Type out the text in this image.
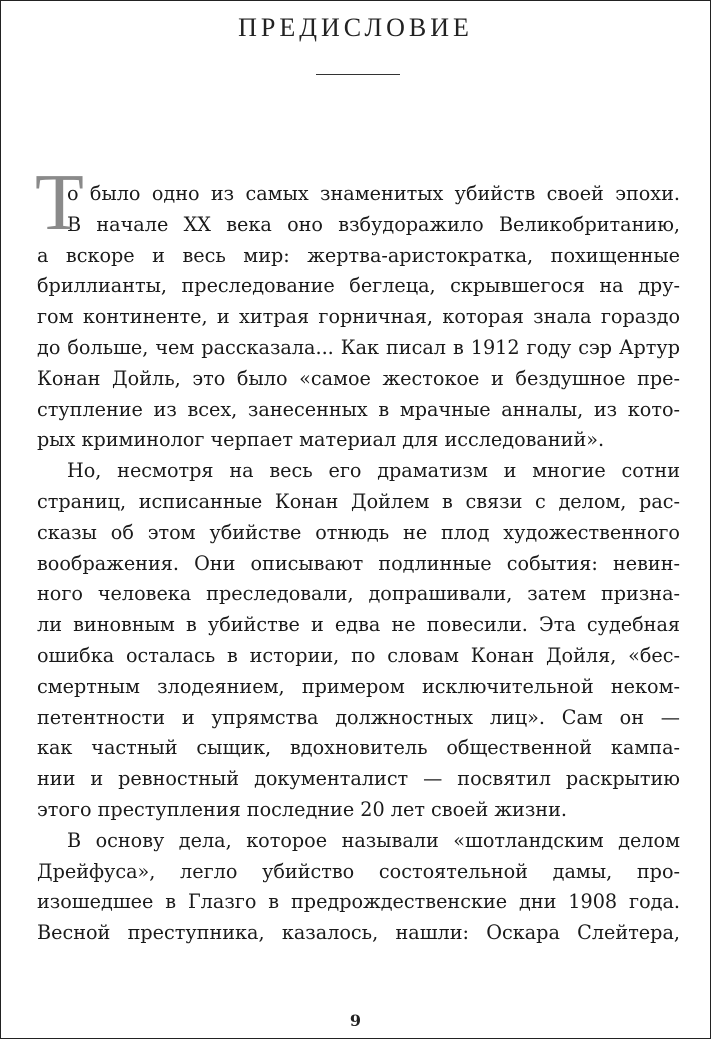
ПРЕДИСЛОВИЕ
Т
о было одно из самых знаменитых убийств своей эпохи.
В начале XX века оно взбудоражило Великобританию,
а вскоре и весь мир: жертва-аристократка, похищенные
бриллианты, преследование беглеца, скрывшегося на дру-
гом континенте, и хитрая горничная, которая знала гораздо
до больше, чем рассказала... Как писал в 1912 году сэр Артур
Конан Дойль, это было «самое жестокое и бездушное пре-
ступление из всех, занесенных в мрачные анналы, из кото-
рых криминолог черпает материал для исследований».
Но, несмотря на весь его драматизм и многие сотни
страниц, исписанные Конан Дойлем в связи с делом, рас-
сказы об этом убийстве отнюдь не плод художественного
воображения. Они описывают подлинные события: невин-
ного человека преследовали, допрашивали, затем призна-
ли виновным в убийстве и едва не повесили. Эта судебная
ошибка осталась в истории, по словам Конан Дойля, «бес-
смертным злодеянием, примером исключительной неком-
петентности и упрямства должностных лиц». Сам он —
как частный сыщик, вдохновитель общественной кампа-
нии и ревностный документалист — посвятил раскрытию
этого преступления последние 20 лет своей жизни.
В основу дела, которое называли «шотландским делом
Дрейфуса», легло убийство состоятельной дамы, про-
изошедшее в Глазго в предрождественские дни 1908 года.
Весной преступника, казалось, нашли: Оскара Слейтера,
9
